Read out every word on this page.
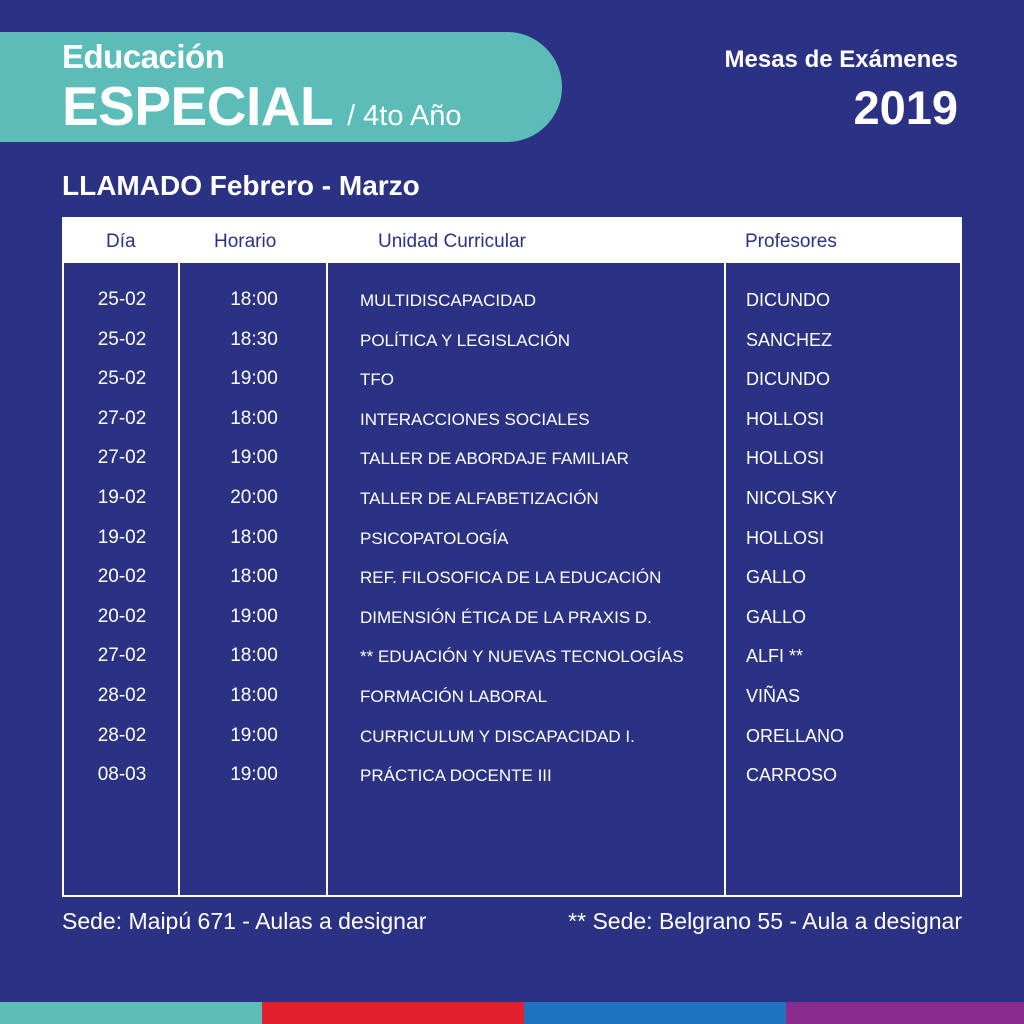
Educación
ESPECIAL / 4to Año
Mesas de Exámenes
2019
LLAMADO Febrero - Marzo
Día	Horario	Unidad Curricular	Profesores
25-02	18:00	MULTIDISCAPACIDAD	DICUNDO
25-02	18:30	POLÍTICA Y LEGISLACIÓN	SANCHEZ
25-02	19:00	TFO	DICUNDO
27-02	18:00	INTERACCIONES SOCIALES	HOLLOSI
27-02	19:00	TALLER DE ABORDAJE FAMILIAR	HOLLOSI
19-02	20:00	TALLER DE ALFABETIZACIÓN	NICOLSKY
19-02	18:00	PSICOPATOLOGÍA	HOLLOSI
20-02	18:00	REF. FILOSOFICA DE LA EDUCACIÓN	GALLO
20-02	19:00	DIMENSIÓN ÉTICA DE LA PRAXIS D.	GALLO
27-02	18:00	** EDUACIÓN Y NUEVAS TECNOLOGÍAS	ALFI **
28-02	18:00	FORMACIÓN LABORAL	VIÑAS
28-02	19:00	CURRICULUM Y DISCAPACIDAD I.	ORELLANO
08-03	19:00	PRÁCTICA DOCENTE III	CARROSO
Sede: Maipú 671 - Aulas a designar	** Sede: Belgrano 55 - Aula a designar
